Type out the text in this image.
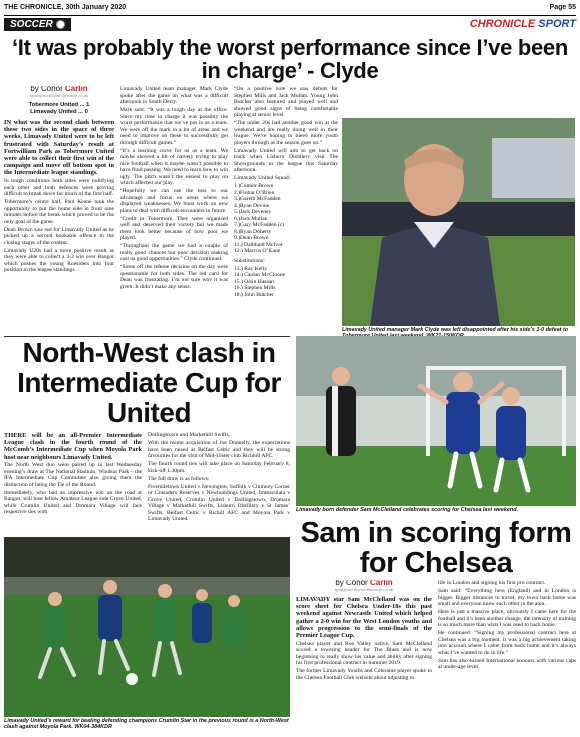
THE CHRONICLE, 30th January 2020	Page 55
SOCCER	CHRONICLE SPORT
‘It was probably the worst performance since I’ve been in charge’ - Clyde
by Conor Carlin
sport@northwestchronicle.co.uk
Tobermore United ... 1
Limavady United ... 0

IN what was the second clash between these two sides in the space of three weeks, Limavady United were to be left frustrated with Saturday’s result at Fortwilliam Park as Tobermore United were able to collect their first win of the campaign and move off bottom spot in the Intermediate league standings.

In tough conditions both sides were nullifying each other and both defences were proving difficult to break down for much of the first half.

Tobermore’s centre half, Paul Keane took the opportunity to put the home side in front nine minutes before the break which proved to be the only goal of the game.

Dean Brown saw red for Limavady United as he picked up a second bookable offence in the closing stages of the contest.

Limavady U20s had a more positive result as they were able to collect a 3-2 win over Bangor which pushes the young Roesiders into four position in the league standings.

Limavady United team manager, Mark Clyde spoke after the game on what was a difficult afternoon in South Derry.

Mark said: “It was a tough day at the office. Since my time in charge it was possibly the worst performance that we’ve put in as a team. We were off the mark in a lot of areas and we need to improve on these to successfully get through difficult games.”

“It’s a learning curve for us as a team. We maybe showed a bit of naivety trying to play nice football when it maybe wasn’t possible to have fluid passing. We need to learn how to win ugly. The pitch wasn’t the easiest to play on which affected our play.

“Hopefully we can use the loss to our advantage and focus on areas where we displayed weaknesses. We must work on new plans to deal with difficult encounters in future.

“Credit to Tobermore. They were organised well and deserved their victory but we made them look better because of how poor we played.

“Throughout the game we had a couple of really good chances but poor decision making cost us good opportunities.” Clyde continued.

“Some off the referee decision on the day were questionable for both sides. The red card for Dean was frustrating. I’m not sure why it was given. It didn’t make any sense.

“On a positive note we saw debuts for Stephen Mills and Jack Mullan. Young John Butcher also featured and played well and showed good signs of being comfortable playing at senior level.

“The under 20s had another good win at the weekend and are really doing well in their league. We’re hoping to bleed more youth players through as the season goes on.”

Limavady United will aim to get back on track when Lisburn Distillery visit The Showgrounds in the league this Saturday afternoon.

Limavady United Squad:

1.)Connor Brown
2.)Finbar O’Brien
3.)Gareth McFadden
4.)Ryan Devine
5.)Jack Deveney
6.)Jack Mullan
7.)Gary McFadden (c)
8.)Ryan Doherty
9.)Dean Brown
11.) Dalbhaid McIvor
12.) Marcus O’Kane

Substitutions:

13.) Ray Kelly
14.) Caolan McCloone
15.) Oisin Hassan
16.) Stephen Mills
18.) John Butcher
Limavady United manager Mark Clyde was left disappointed after his side’s 1-0 defeat to
North-West clash in Intermediate Cup for United

THERE will be an all-Premier Intermediate League clash in the fourth round of the McComb’s Intermediate Cup when Moyola Park host near neighbours Limavady United.

The North West duo were paired up in last Wednesday evening’s draw at The National Stadium, Windsor Park – the IFA Intermediate Cup Committee also giving them the distinction of being the Tie of the Round.

Immediately, who had an impressive win on the road at Bangor, will host fellow Amateur League side Grove United, while Crumlin United and Dromara Village will face respective ties with

Dollingstown and Markethill Swifts.

With the recent acquisition of Joe Donnelly, the expectations have been raised at Belfast Celtic and they will be strong favourites for the visit of Mid-Ulster club Richhill AFC.

The fourth round ties will take place on Saturday February 8, kick-off 1.30pm.

The full draw is as follows:

Fivemiletown United v Newington, Suffolk v Chimney Corner or Crusaders Reserves v Newbuildings United, Immaculata v Grove United, Crumlin United v Dollingstown, Dromara Village v Markethill Swifts, Lisburn Distillery v St James’ Swifts, Belfast Celtic v Richill AFC and Moyola Park v Limavady United.

Limavady United’s reward for beating defending champions Crumlin Star in the previous round is a North-West clash against Moyola Park. WK04-384KDR
Limavady born defender Sam McClelland celebrates scoring for Chelsea last weekend.
Sam in scoring form for Chelsea
by Conor Carlin
sport@northwestchronicle.co.uk

LIMAVADY star Sam McClelland was on the score sheet for Chelsea Under-18s this past weekend against Newcastle United which helped gather a 2-0 win for the West London youths and allows progression to the semi-finals of the Premier League Cup.

Chelsea player and Roe Valley native, Sam McClelland scored a towering header for The Blues and is now beginning to really show his value and ability after signing his first professional contract in Summer 2019.

The former Limavady Youths and Coleraine player spoke to the Chelsea Football Club website about adjusting to

life in London and signing his first pro contract.

Sam said: “Everything here (England) and in London is bigger. Bigger distances to travel, my town back home was small and everyone knew each other in the area.

Here is just a massive place, obviously I came here for the football and it’s been another change, the intensity of training is so much more than what I was used to back home.

He continued: “Signing my professional contract here at Chelsea was a big moment. It was a big achievement taking into account where I came from back home and it’s always what I’ve wanted to do in life.”

Sam has also earned International honours with various caps at under-age level.
